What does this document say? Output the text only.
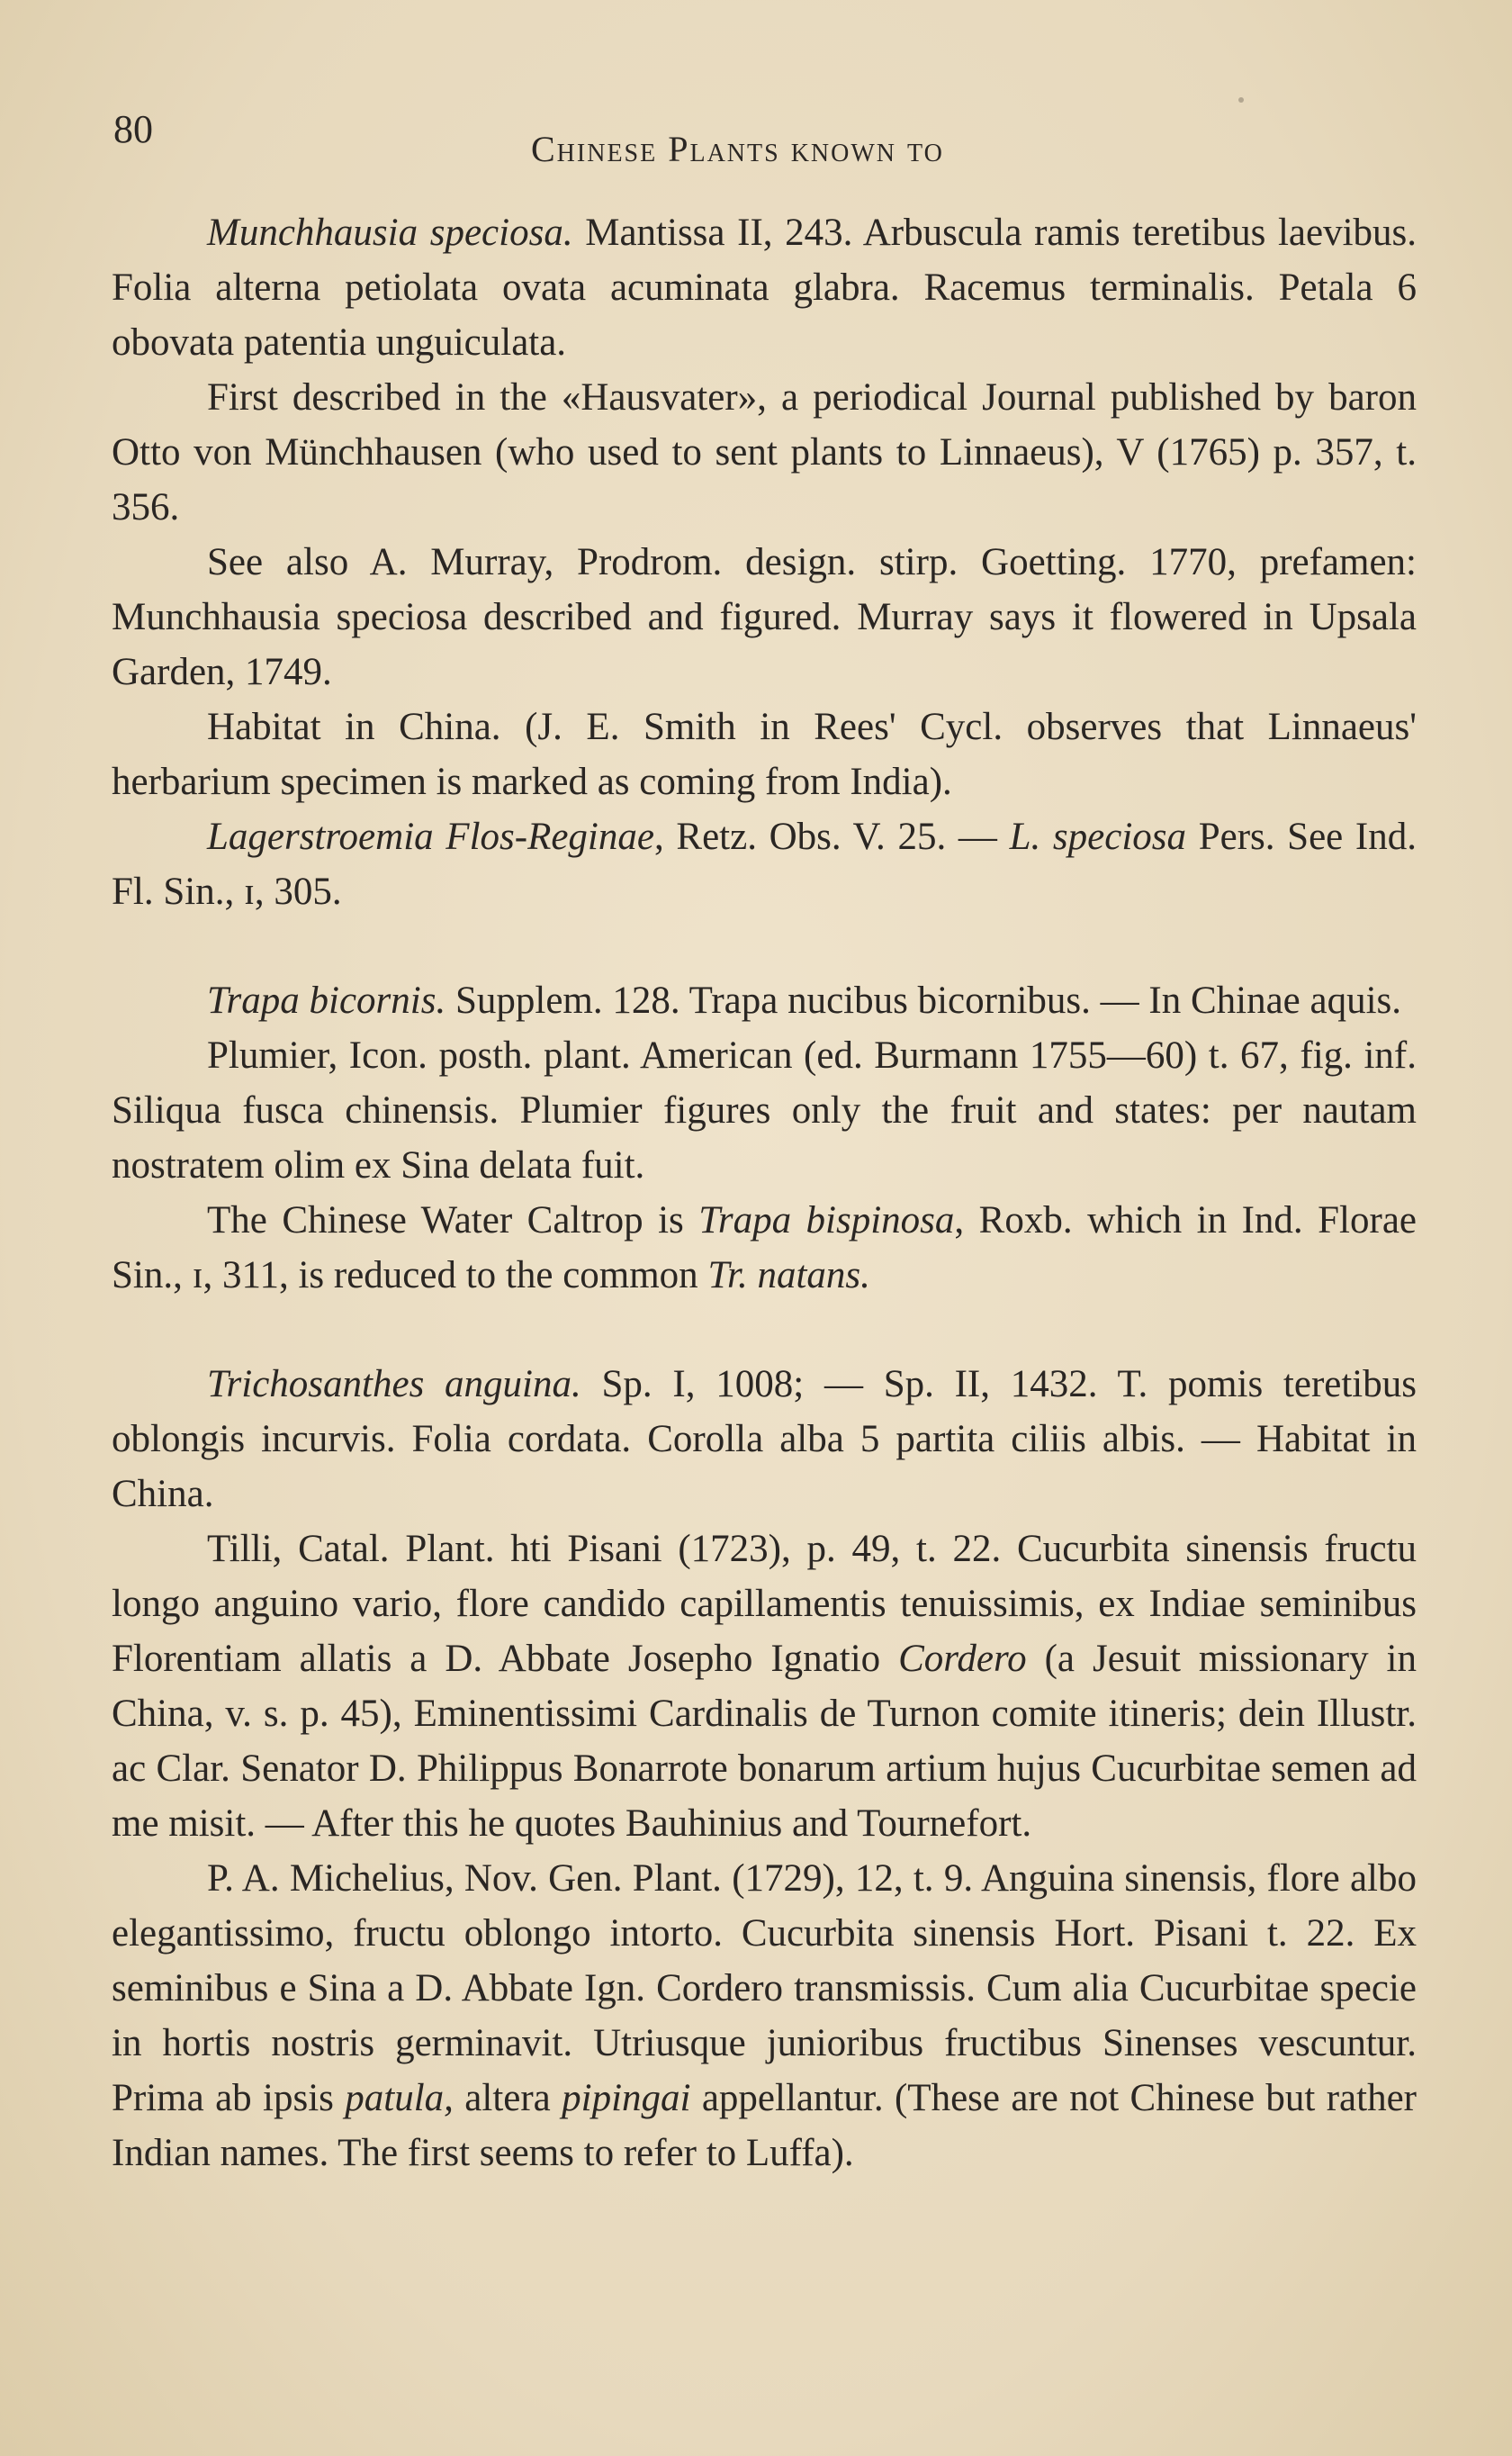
80	Chinese Plants known to

Munchhausia speciosa. Mantissa II, 243. Arbuscula ramis teretibus laevibus. Folia alterna petiolata ovata acuminata glabra. Racemus terminalis. Petala 6 obovata patentia unguiculata.

First described in the «Hausvater», a periodical Journal published by baron Otto von Münchhausen (who used to sent plants to Linnaeus), V (1765) p. 357, t. 356.

See also A. Murray, Prodrom. design. stirp. Goetting. 1770, prefamen: Munchhausia speciosa described and figured. Murray says it flowered in Upsala Garden, 1749.

Habitat in China. (J. E. Smith in Rees' Cycl. observes that Linnaeus' herbarium specimen is marked as coming from India).

Lagerstroemia Flos-Reginae, Retz. Obs. V. 25. — L. speciosa Pers. See Ind. Fl. Sin., ɪ, 305.

Trapa bicornis. Supplem. 128. Trapa nucibus bicornibus. — In Chinae aquis.

Plumier, Icon. posth. plant. American (ed. Burmann 1755—60) t. 67, fig. inf. Siliqua fusca chinensis. Plumier figures only the fruit and states: per nautam nostratem olim ex Sina delata fuit.

The Chinese Water Caltrop is Trapa bispinosa, Roxb. which in Ind. Florae Sin., ɪ, 311, is reduced to the common Tr. natans.

Trichosanthes anguina. Sp. I, 1008; — Sp. II, 1432. T. pomis teretibus oblongis incurvis. Folia cordata. Corolla alba 5 partita ciliis albis. — Habitat in China.

Tilli, Catal. Plant. hti Pisani (1723), p. 49, t. 22. Cucurbita sinensis fructu longo anguino vario, flore candido capillamentis tenuissimis, ex Indiae seminibus Florentiam allatis a D. Abbate Josepho Ignatio Cordero (a Jesuit missionary in China, v. s. p. 45), Eminentissimi Cardinalis de Turnon comite itineris; dein Illustr. ac Clar. Senator D. Philippus Bonarrote bonarum artium hujus Cucurbitae semen ad me misit. — After this he quotes Bauhinius and Tournefort.

P. A. Michelius, Nov. Gen. Plant. (1729), 12, t. 9. Anguina sinensis, flore albo elegantissimo, fructu oblongo intorto. Cucurbita sinensis Hort. Pisani t. 22. Ex seminibus e Sina a D. Abbate Ign. Cordero transmissis. Cum alia Cucurbitae specie in hortis nostris germinavit. Utriusque junioribus fructibus Sinenses vescuntur. Prima ab ipsis patula, altera pipingai appellantur. (These are not Chinese but rather Indian names. The first seems to refer to Luffa).
